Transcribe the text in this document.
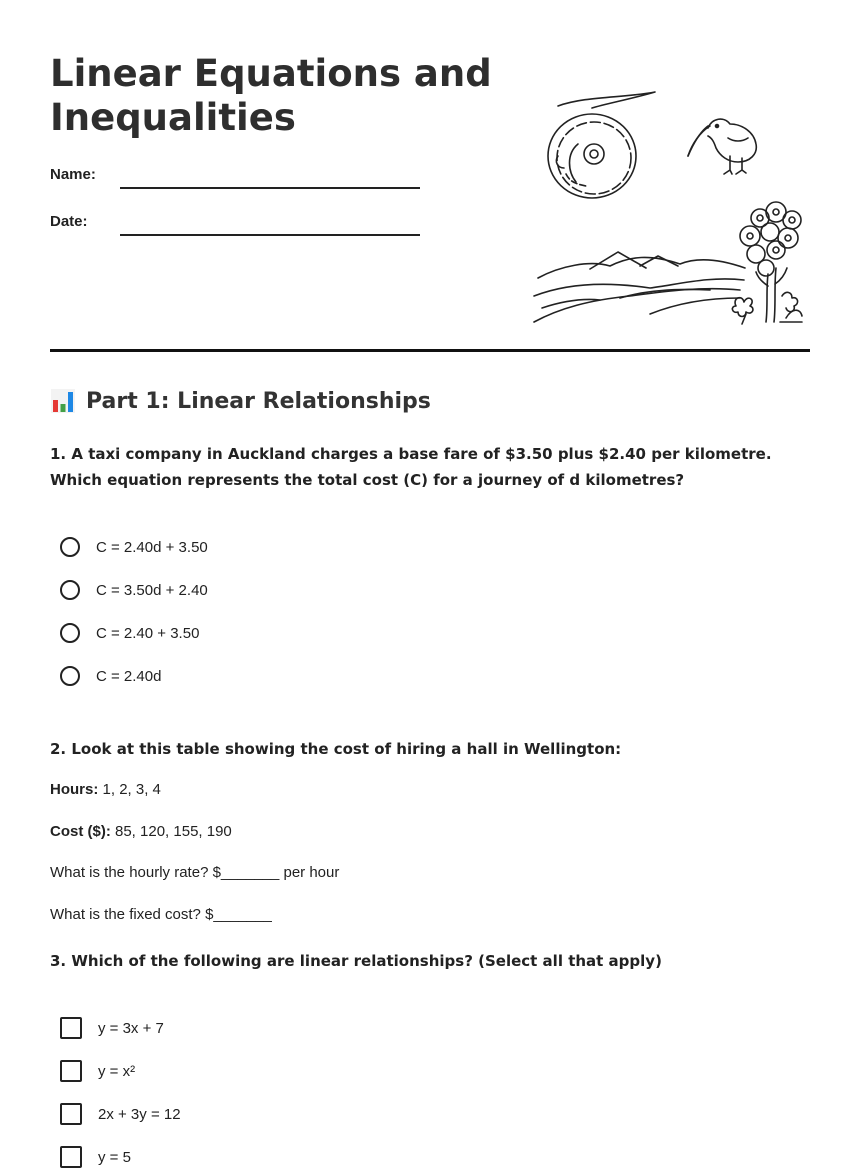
Linear Equations and Inequalities
Name:
Date:
Part 1: Linear Relationships

1. A taxi company in Auckland charges a base fare of $3.50 plus $2.40 per kilometre. Which equation represents the total cost (C) for a journey of d kilometres?

C = 2.40d + 3.50
C = 3.50d + 2.40
C = 2.40 + 3.50
C = 2.40d

2. Look at this table showing the cost of hiring a hall in Wellington:

Hours: 1, 2, 3, 4
Cost ($): 85, 120, 155, 190
What is the hourly rate? $_______ per hour
What is the fixed cost? $_______

3. Which of the following are linear relationships? (Select all that apply)

y = 3x + 7
y = x²
2x + 3y = 12
y = 5
